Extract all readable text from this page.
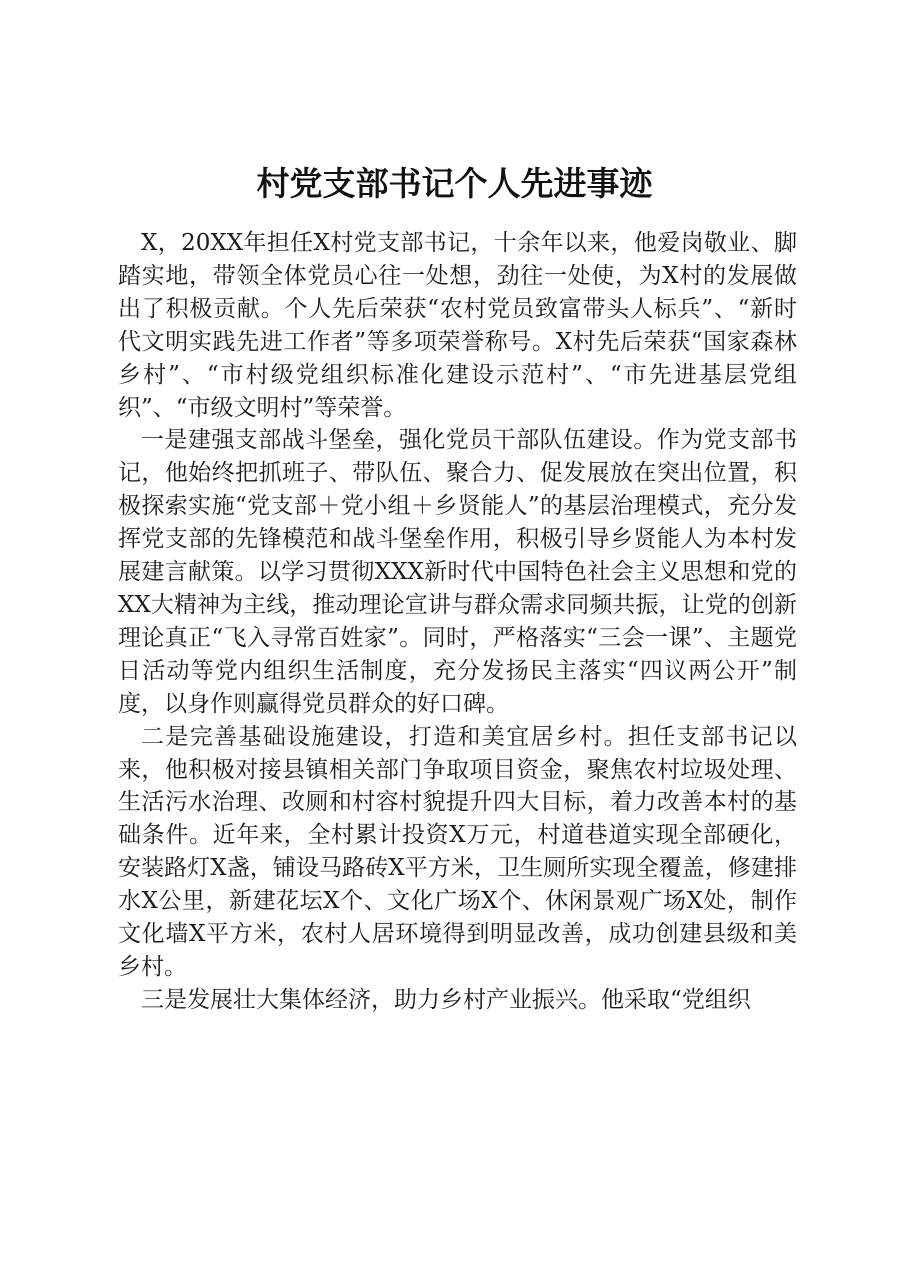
村党支部书记个人先进事迹

X，20XX年担任X村党支部书记，十余年以来，他爱岗敬业、脚踏实地，带领全体党员心往一处想，劲往一处使，为X村的发展做出了积极贡献。个人先后荣获“农村党员致富带头人标兵”、“新时代文明实践先进工作者”等多项荣誉称号。X村先后荣获“国家森林乡村”、“市村级党组织标准化建设示范村”、“市先进基层党组织”、“市级文明村”等荣誉。

一是建强支部战斗堡垒，强化党员干部队伍建设。作为党支部书记，他始终把抓班子、带队伍、聚合力、促发展放在突出位置，积极探索实施“党支部＋党小组＋乡贤能人”的基层治理模式，充分发挥党支部的先锋模范和战斗堡垒作用，积极引导乡贤能人为本村发展建言献策。以学习贯彻XXX新时代中国特色社会主义思想和党的XX大精神为主线，推动理论宣讲与群众需求同频共振，让党的创新理论真正“飞入寻常百姓家”。同时，严格落实“三会一课”、主题党日活动等党内组织生活制度，充分发扬民主落实“四议两公开”制度，以身作则赢得党员群众的好口碑。

二是完善基础设施建设，打造和美宜居乡村。担任支部书记以来，他积极对接县镇相关部门争取项目资金，聚焦农村垃圾处理、生活污水治理、改厕和村容村貌提升四大目标，着力改善本村的基础条件。近年来，全村累计投资X万元，村道巷道实现全部硬化，安装路灯X盏，铺设马路砖X平方米，卫生厕所实现全覆盖，修建排水X公里，新建花坛X个、文化广场X个、休闲景观广场X处，制作文化墙X平方米，农村人居环境得到明显改善，成功创建县级和美乡村。

三是发展壮大集体经济，助力乡村产业振兴。他采取“党组织
